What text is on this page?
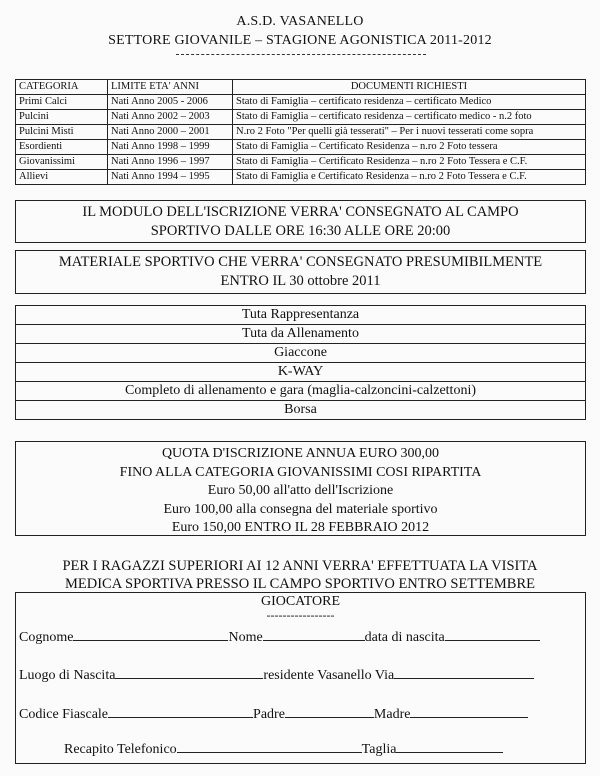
A.S.D. VASANELLO
SETTORE GIOVANILE – STAGIONE AGONISTICA 2011-2012
CATEGORIA	LIMITE ETA' ANNI	DOCUMENTI RICHIESTI
Primi Calci	Nati Anno 2005 - 2006	Stato di Famiglia – certificato residenza – certificato Medico
Pulcini	Nati Anno 2002 – 2003	Stato di Famiglia – certificato residenza – certificato medico - n.2 foto
Pulcini Misti	Nati Anno 2000 – 2001	N.ro 2 Foto "Per quelli già tesserati" – Per i nuovi tesserati come sopra
Esordienti	Nati Anno 1998 – 1999	Stato di Famiglia – Certificato Residenza – n.ro 2 Foto tessera
Giovanissimi	Nati Anno 1996 – 1997	Stato di Famiglia – Certificato Residenza – n.ro 2 Foto Tessera e C.F.
Allievi	Nati Anno 1994 – 1995	Stato di Famiglia e Certificato Residenza – n.ro 2 Foto Tessera e C.F.
IL MODULO DELL'ISCRIZIONE VERRA' CONSEGNATO AL CAMPO
SPORTIVO DALLE ORE 16:30 ALLE ORE 20:00
MATERIALE SPORTIVO CHE VERRA' CONSEGNATO PRESUMIBILMENTE
ENTRO IL 30 ottobre 2011
Tuta Rappresentanza
Tuta da Allenamento
Giaccone
K-WAY
Completo di allenamento e gara (maglia-calzoncini-calzettoni)
Borsa
QUOTA D'ISCRIZIONE ANNUA EURO 300,00
FINO ALLA CATEGORIA GIOVANISSIMI COSI RIPARTITA
Euro 50,00 all'atto dell'Iscrizione
Euro 100,00 alla consegna del materiale sportivo
Euro 150,00 ENTRO IL 28 FEBBRAIO 2012
PER I RAGAZZI SUPERIORI AI 12 ANNI VERRA' EFFETTUATA LA VISITA
MEDICA SPORTIVA PRESSO IL CAMPO SPORTIVO ENTRO SETTEMBRE
GIOCATORE
-----------------
Cognome	Nome	data di nascita
Luogo di Nascita	residente Vasanello Via
Codice Fiascale	Padre	Madre
Recapito Telefonico	Taglia
